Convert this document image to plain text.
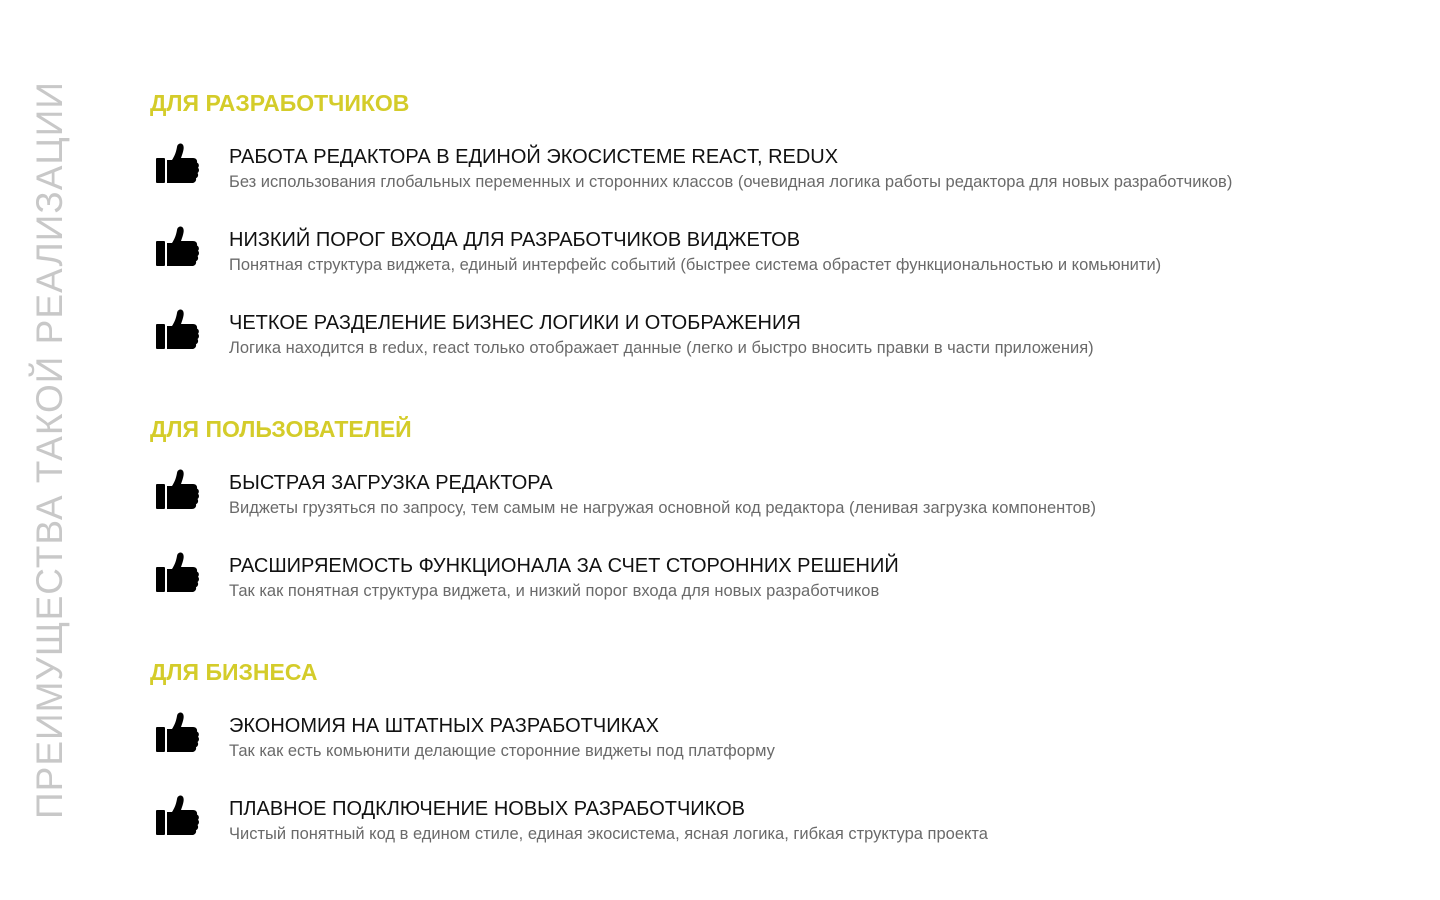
ПРЕИМУЩЕСТВА ТАКОЙ РЕАЛИЗАЦИИ	ДЛЯ РАЗРАБОТЧИКОВ
РАБОТА РЕДАКТОРА В ЕДИНОЙ ЭКОСИСТЕМЕ REACT, REDUX
Без использования глобальных переменных и сторонних классов (очевидная логика работы редактора для новых разработчиков)
НИЗКИЙ ПОРОГ ВХОДА ДЛЯ РАЗРАБОТЧИКОВ ВИДЖЕТОВ
Понятная структура виджета, единый интерфейс событий (быстрее система обрастет функциональностью и комьюнити)
ЧЕТКОЕ РАЗДЕЛЕНИЕ БИЗНЕС ЛОГИКИ И ОТОБРАЖЕНИЯ
Логика находится в redux, react только отображает данные (легко и быстро вносить правки в части приложения)
ДЛЯ ПОЛЬЗОВАТЕЛЕЙ
БЫСТРАЯ ЗАГРУЗКА РЕДАКТОРА
Виджеты грузяться по запросу, тем самым не нагружая основной код редактора (ленивая загрузка компонентов)
РАСШИРЯЕМОСТЬ ФУНКЦИОНАЛА ЗА СЧЕТ СТОРОННИХ РЕШЕНИЙ
Так как понятная структура виджета, и низкий порог входа для новых разработчиков
ДЛЯ БИЗНЕСА
ЭКОНОМИЯ НА ШТАТНЫХ РАЗРАБОТЧИКАХ
Так как есть комьюнити делающие сторонние виджеты под платформу
ПЛАВНОЕ ПОДКЛЮЧЕНИЕ НОВЫХ РАЗРАБОТЧИКОВ
Чистый понятный код в едином стиле, единая экосистема, ясная логика, гибкая структура проекта
